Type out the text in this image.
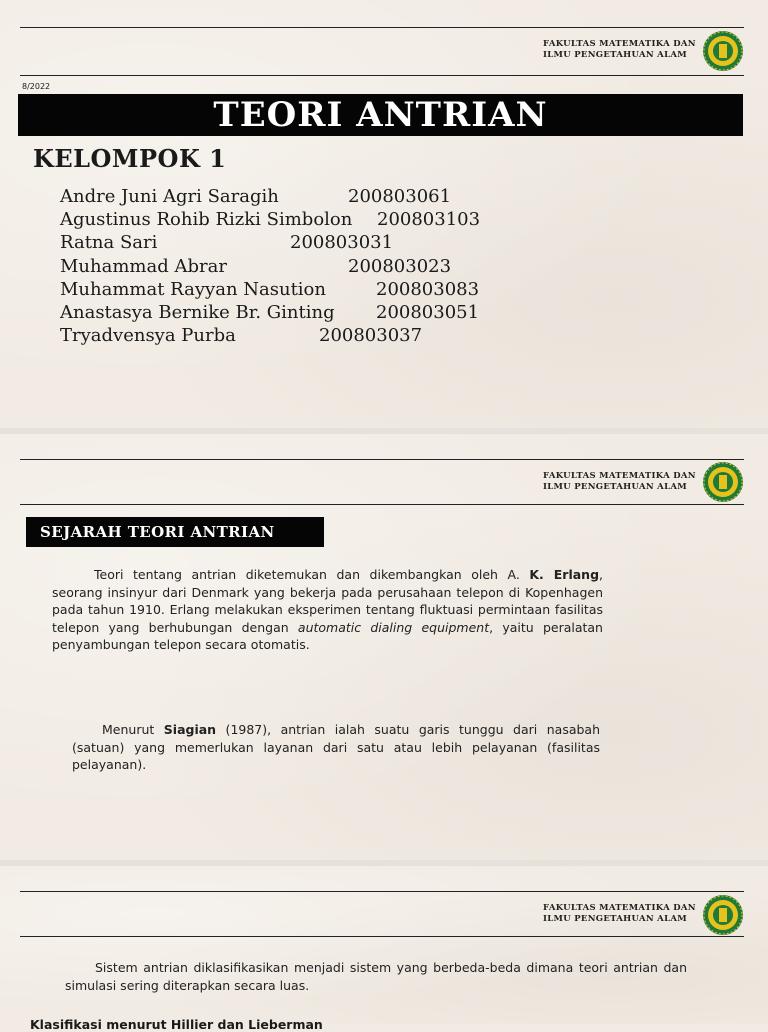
FAKULTAS MATEMATIKA DAN
ILMU PENGETAHUAN ALAM
8/2022
TEORI ANTRIAN
KELOMPOK 1
Andre Juni Agri Saragih	200803061
Agustinus Rohib Rizki Simbolon 200803103
Ratna Sari	200803031
Muhammad Abrar	200803023
Muhammat Rayyan Nasution	200803083
Anastasya Bernike Br. Ginting 200803051
Tryadvensya Purba	200803037
FAKULTAS MATEMATIKA DAN
ILMU PENGETAHUAN ALAM
SEJARAH TEORI ANTRIAN
Teori tentang antrian diketemukan dan dikembangkan oleh A. K. Erlang, seorang insinyur dari Denmark yang bekerja pada perusahaan telepon di Kopenhagen pada tahun 1910. Erlang melakukan eksperimen tentang fluktuasi permintaan fasilitas telepon yang berhubungan dengan automatic dialing equipment, yaitu peralatan penyambungan telepon secara otomatis.
Menurut Siagian (1987), antrian ialah suatu garis tunggu dari nasabah (satuan) yang memerlukan layanan dari satu atau lebih pelayanan (fasilitas pelayanan).
FAKULTAS MATEMATIKA DAN
ILMU PENGETAHUAN ALAM
Sistem antrian diklasifikasikan menjadi sistem yang berbeda-beda dimana teori antrian dan simulasi sering diterapkan secara luas.
Klasifikasi menurut Hillier dan Lieberman
